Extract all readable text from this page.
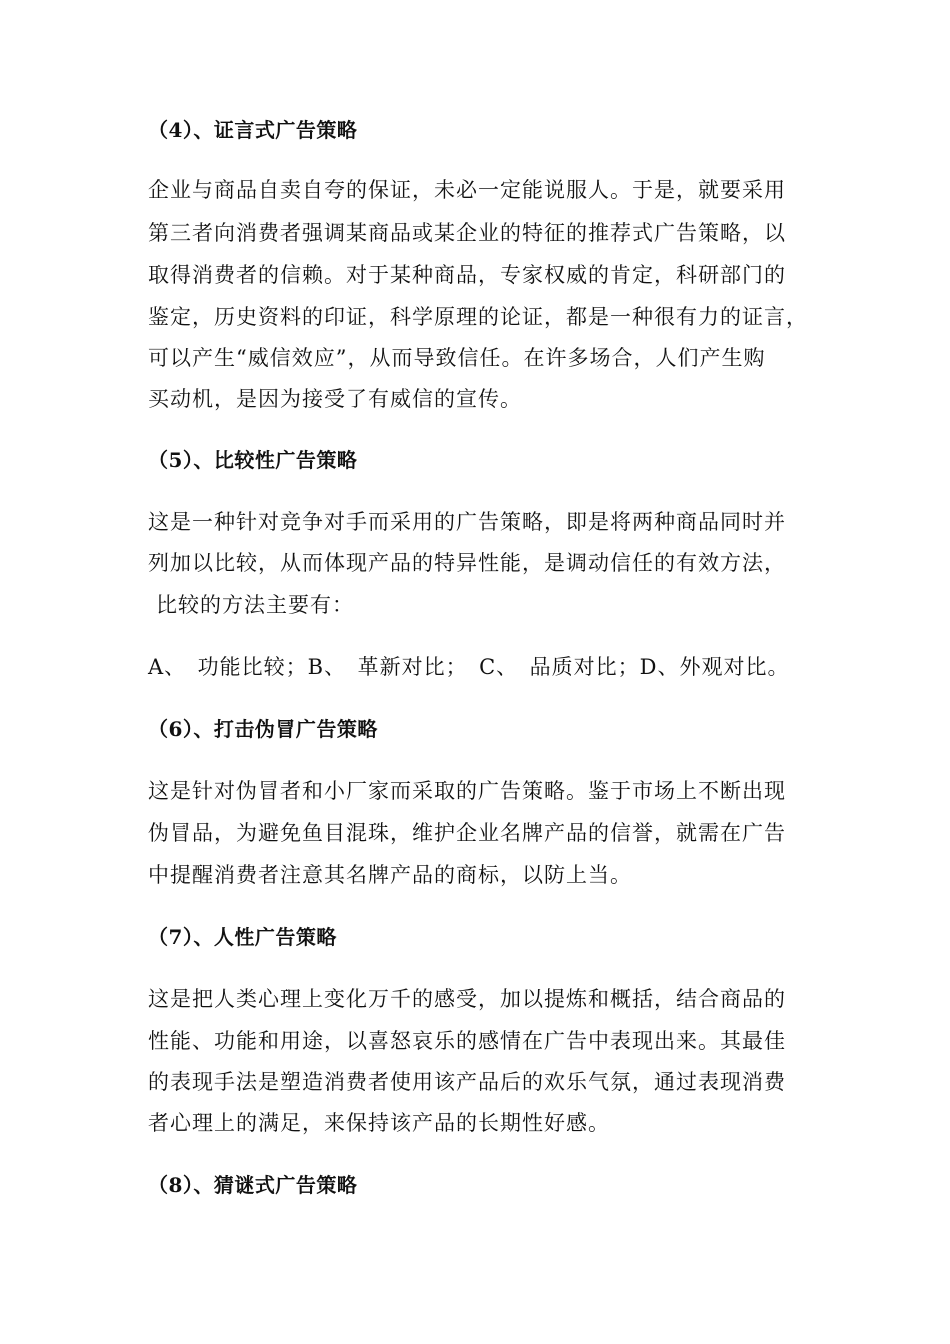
（4）、证言式广告策略
企业与商品自卖自夸的保证，未必一定能说服人。于是，就要采用
第三者向消费者强调某商品或某企业的特征的推荐式广告策略，以
取得消费者的信赖。对于某种商品，专家权威的肯定，科研部门的
鉴定，历史资料的印证，科学原理的论证，都是一种很有力的证言，
可以产生“威信效应”，从而导致信任。在许多场合，人们产生购
买动机，是因为接受了有威信的宣传。
（5）、比较性广告策略
这是一种针对竞争对手而采用的广告策略，即是将两种商品同时并
列加以比较，从而体现产品的特异性能，是调动信任的有效方法，
比较的方法主要有：
A、　功能比较；B、　革新对比；　C、　品质对比；D、外观对比。
（6）、打击伪冒广告策略
这是针对伪冒者和小厂家而采取的广告策略。鉴于市场上不断出现
伪冒品，为避免鱼目混珠，维护企业名牌产品的信誉，就需在广告
中提醒消费者注意其名牌产品的商标，以防上当。
（7）、人性广告策略
这是把人类心理上变化万千的感受，加以提炼和概括，结合商品的
性能、功能和用途，以喜怒哀乐的感情在广告中表现出来。其最佳
的表现手法是塑造消费者使用该产品后的欢乐气氛，通过表现消费
者心理上的满足，来保持该产品的长期性好感。
（8）、猜谜式广告策略
